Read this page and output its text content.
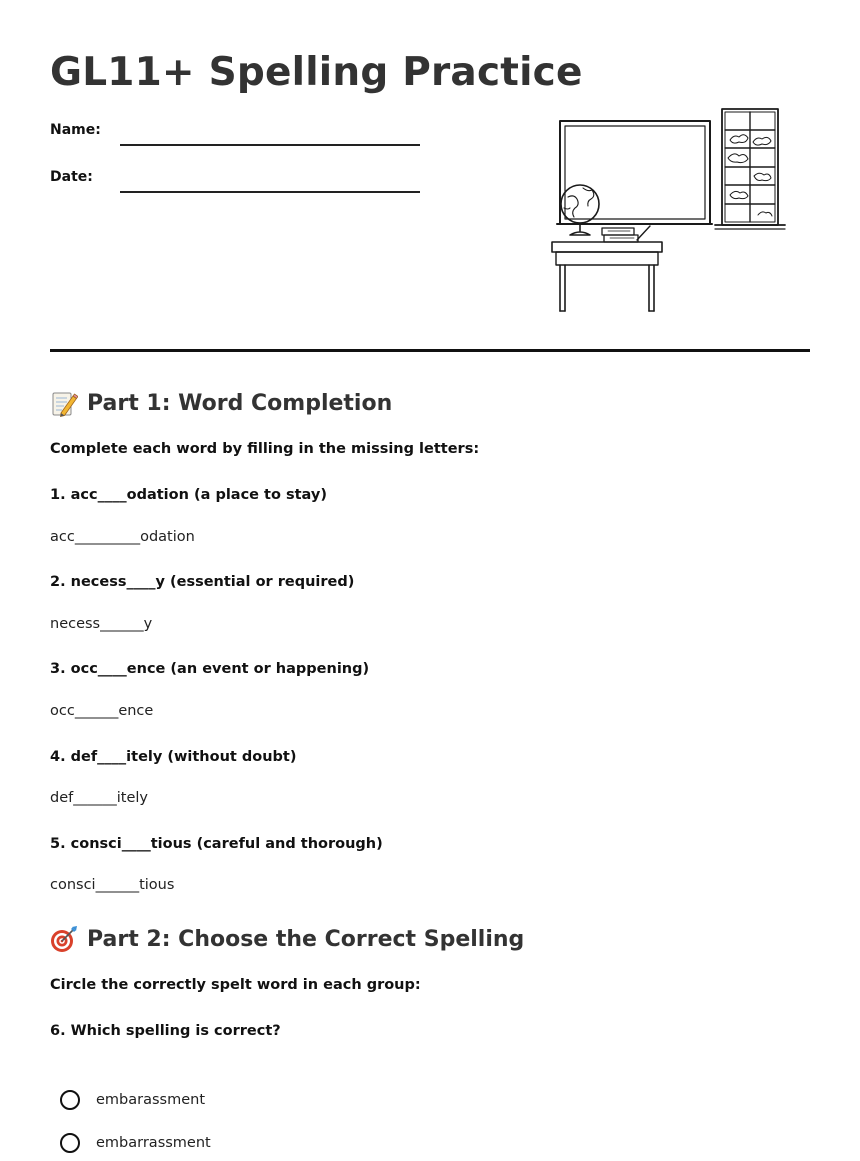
GL11+ Spelling Practice
Name:
Date:
Part 1: Word Completion
Complete each word by filling in the missing letters:
1. acc____odation (a place to stay)
acc_________odation
2. necess____y (essential or required)
necess______y
3. occ____ence (an event or happening)
occ______ence
4. def____itely (without doubt)
def______itely
5. consci____tious (careful and thorough)
consci______tious
Part 2: Choose the Correct Spelling
Circle the correctly spelt word in each group:
6. Which spelling is correct?
embarassment
embarrassment
